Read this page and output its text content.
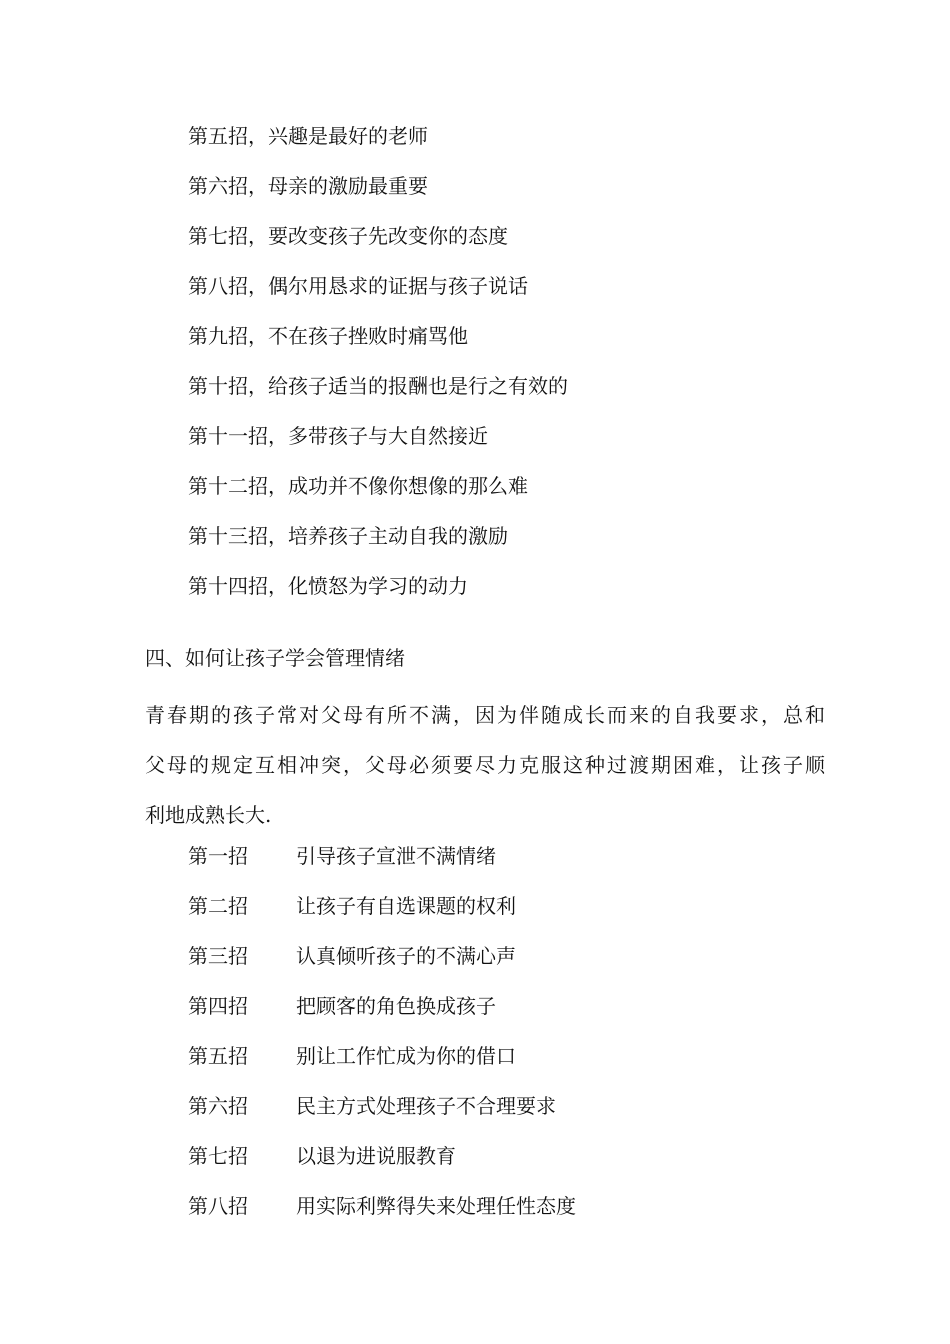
第五招，兴趣是最好的老师
第六招，母亲的激励最重要
第七招，要改变孩子先改变你的态度
第八招，偶尔用恳求的证据与孩子说话
第九招，不在孩子挫败时痛骂他
第十招，给孩子适当的报酬也是行之有效的
第十一招，多带孩子与大自然接近
第十二招，成功并不像你想像的那么难
第十三招，培养孩子主动自我的激励
第十四招，化愤怒为学习的动力
四、如何让孩子学会管理情绪

青春期的孩子常对父母有所不满，因为伴随成长而来的自我要求，总和
父母的规定互相冲突，父母必须要尽力克服这种过渡期困难，让孩子顺
利地成熟长大.

第一招 引导孩子宣泄不满情绪
第二招 让孩子有自选课题的权利
第三招 认真倾听孩子的不满心声
第四招 把顾客的角色换成孩子
第五招 别让工作忙成为你的借口
第六招 民主方式处理孩子不合理要求
第七招 以退为进说服教育
第八招 用实际利弊得失来处理任性态度
